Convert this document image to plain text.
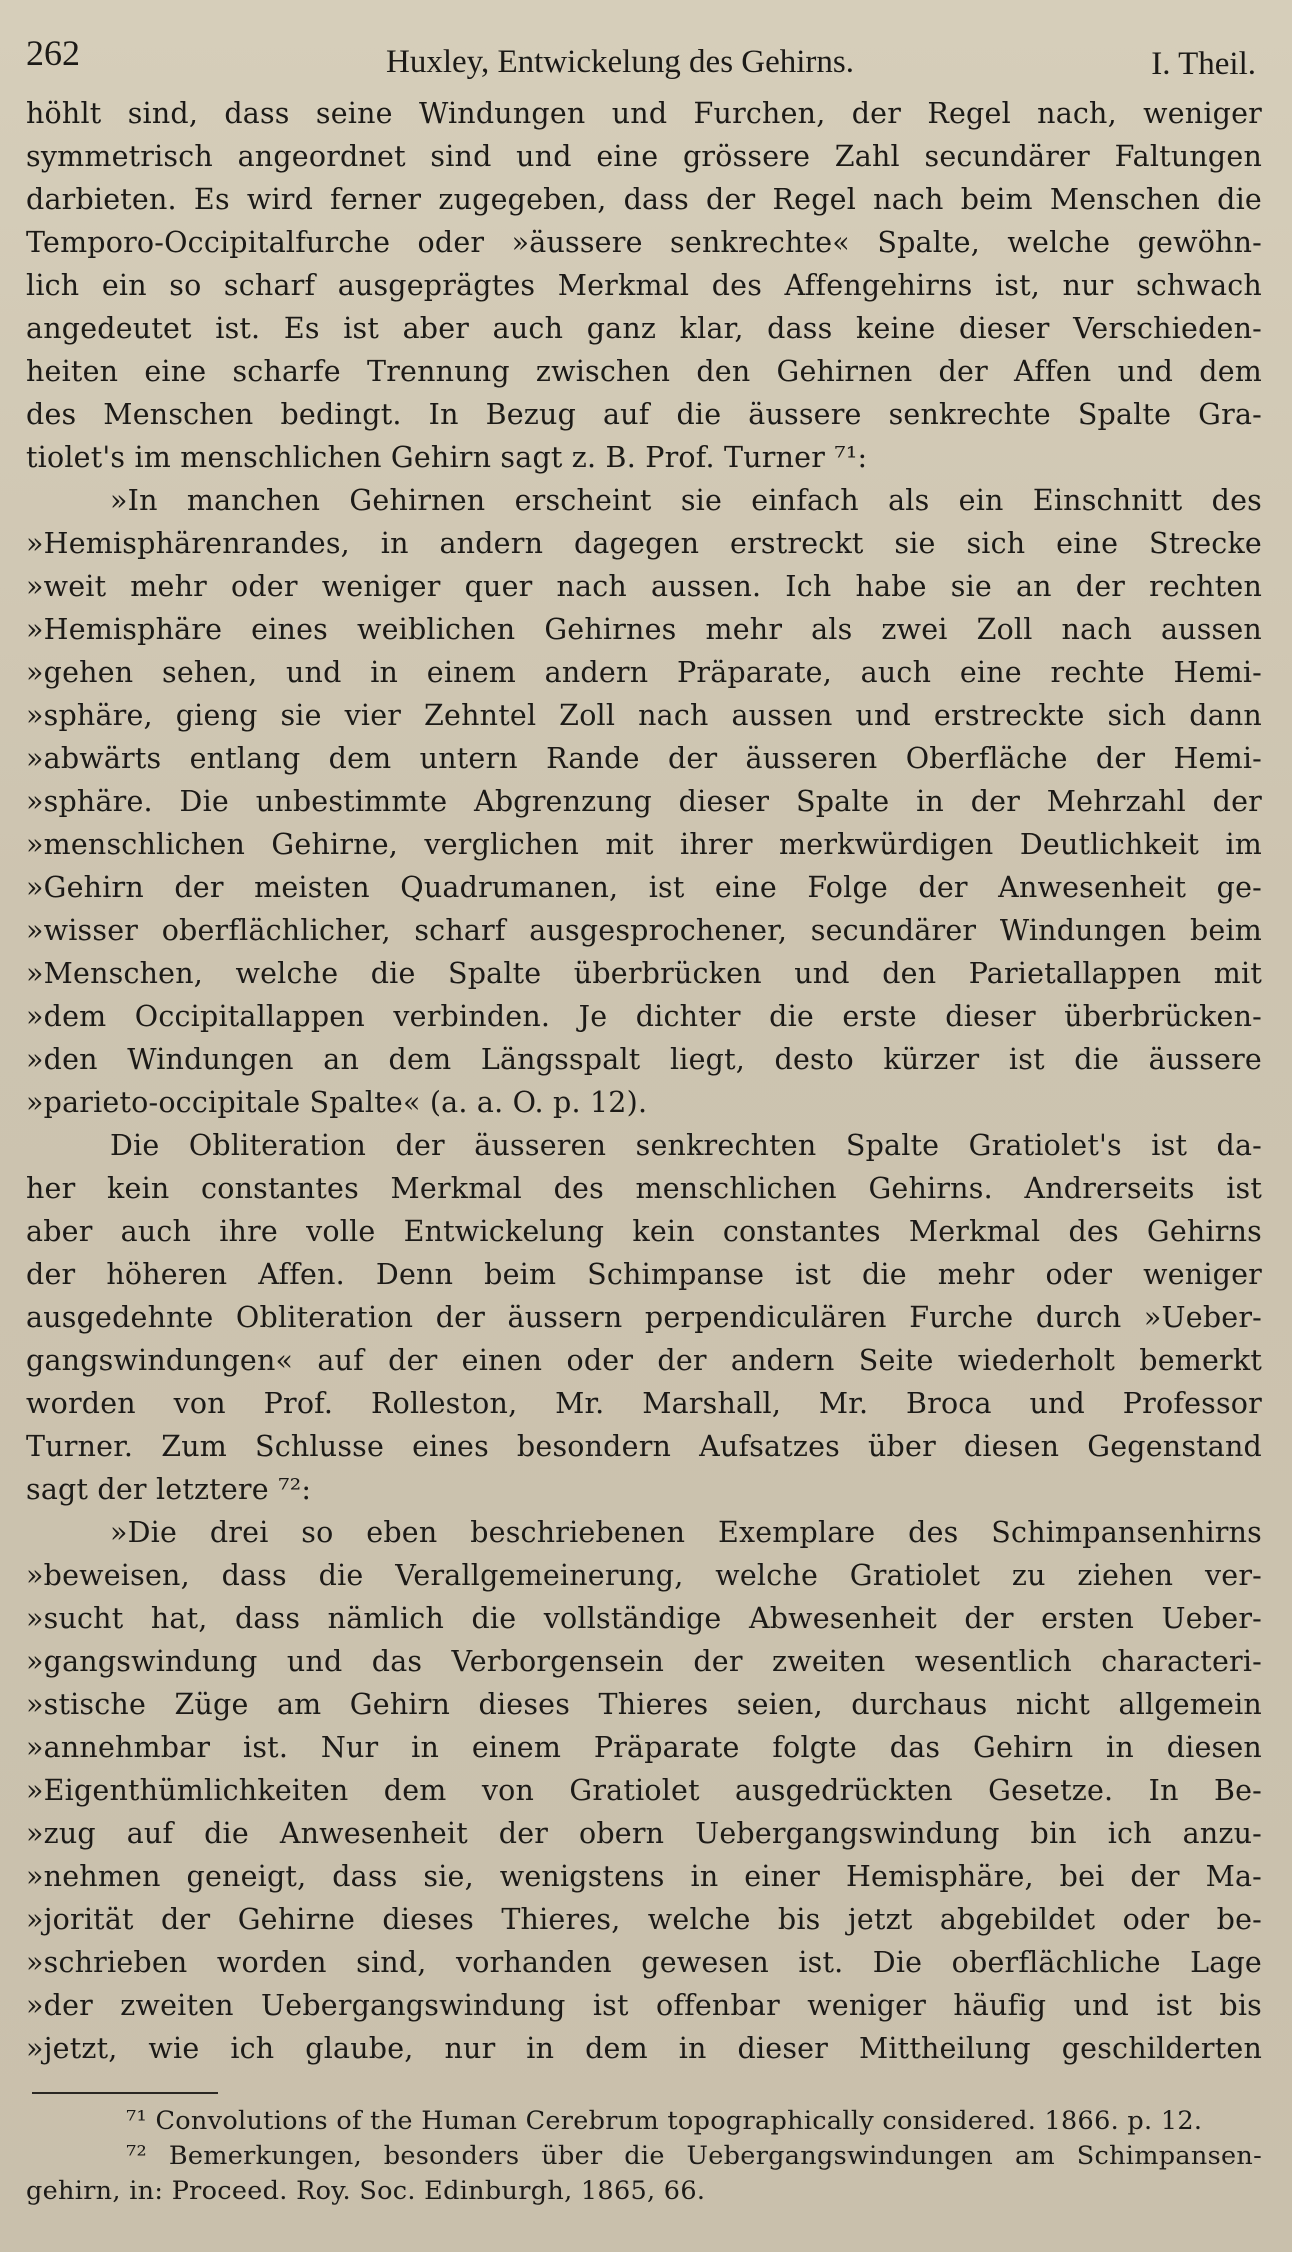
262	Huxley, Entwickelung des Gehirns.	I. Theil.
höhlt sind, dass seine Windungen und Furchen, der Regel nach, weniger
symmetrisch angeordnet sind und eine grössere Zahl secundärer Faltungen
darbieten. Es wird ferner zugegeben, dass der Regel nach beim Menschen die
Temporo-Occipitalfurche oder »äussere senkrechte« Spalte, welche gewöhn-
lich ein so scharf ausgeprägtes Merkmal des Affengehirns ist, nur schwach
angedeutet ist. Es ist aber auch ganz klar, dass keine dieser Verschieden-
heiten eine scharfe Trennung zwischen den Gehirnen der Affen und dem
des Menschen bedingt. In Bezug auf die äussere senkrechte Spalte Gra-
tiolet's im menschlichen Gehirn sagt z. B. Prof. Turner ⁷¹:
»In manchen Gehirnen erscheint sie einfach als ein Einschnitt des
»Hemisphärenrandes, in andern dagegen erstreckt sie sich eine Strecke
»weit mehr oder weniger quer nach aussen. Ich habe sie an der rechten
»Hemisphäre eines weiblichen Gehirnes mehr als zwei Zoll nach aussen
»gehen sehen, und in einem andern Präparate, auch eine rechte Hemi-
»sphäre, gieng sie vier Zehntel Zoll nach aussen und erstreckte sich dann
»abwärts entlang dem untern Rande der äusseren Oberfläche der Hemi-
»sphäre. Die unbestimmte Abgrenzung dieser Spalte in der Mehrzahl der
»menschlichen Gehirne, verglichen mit ihrer merkwürdigen Deutlichkeit im
»Gehirn der meisten Quadrumanen, ist eine Folge der Anwesenheit ge-
»wisser oberflächlicher, scharf ausgesprochener, secundärer Windungen beim
»Menschen, welche die Spalte überbrücken und den Parietallappen mit
»dem Occipitallappen verbinden. Je dichter die erste dieser überbrücken-
»den Windungen an dem Längsspalt liegt, desto kürzer ist die äussere
»parieto-occipitale Spalte« (a. a. O. p. 12).
Die Obliteration der äusseren senkrechten Spalte Gratiolet's ist da-
her kein constantes Merkmal des menschlichen Gehirns. Andrerseits ist
aber auch ihre volle Entwickelung kein constantes Merkmal des Gehirns
der höheren Affen. Denn beim Schimpanse ist die mehr oder weniger
ausgedehnte Obliteration der äussern perpendiculären Furche durch »Ueber-
gangswindungen« auf der einen oder der andern Seite wiederholt bemerkt
worden von Prof. Rolleston, Mr. Marshall, Mr. Broca und Professor
Turner. Zum Schlusse eines besondern Aufsatzes über diesen Gegenstand
sagt der letztere ⁷²:
»Die drei so eben beschriebenen Exemplare des Schimpansenhirns
»beweisen, dass die Verallgemeinerung, welche Gratiolet zu ziehen ver-
»sucht hat, dass nämlich die vollständige Abwesenheit der ersten Ueber-
»gangswindung und das Verborgensein der zweiten wesentlich characteri-
»stische Züge am Gehirn dieses Thieres seien, durchaus nicht allgemein
»annehmbar ist. Nur in einem Präparate folgte das Gehirn in diesen
»Eigenthümlichkeiten dem von Gratiolet ausgedrückten Gesetze. In Be-
»zug auf die Anwesenheit der obern Uebergangswindung bin ich anzu-
»nehmen geneigt, dass sie, wenigstens in einer Hemisphäre, bei der Ma-
»jorität der Gehirne dieses Thieres, welche bis jetzt abgebildet oder be-
»schrieben worden sind, vorhanden gewesen ist. Die oberflächliche Lage
»der zweiten Uebergangswindung ist offenbar weniger häufig und ist bis
»jetzt, wie ich glaube, nur in dem in dieser Mittheilung geschilderten
⁷¹ Convolutions of the Human Cerebrum topographically considered. 1866. p. 12.
⁷² Bemerkungen, besonders über die Uebergangswindungen am Schimpansen-
gehirn, in: Proceed. Roy. Soc. Edinburgh, 1865, 66.
